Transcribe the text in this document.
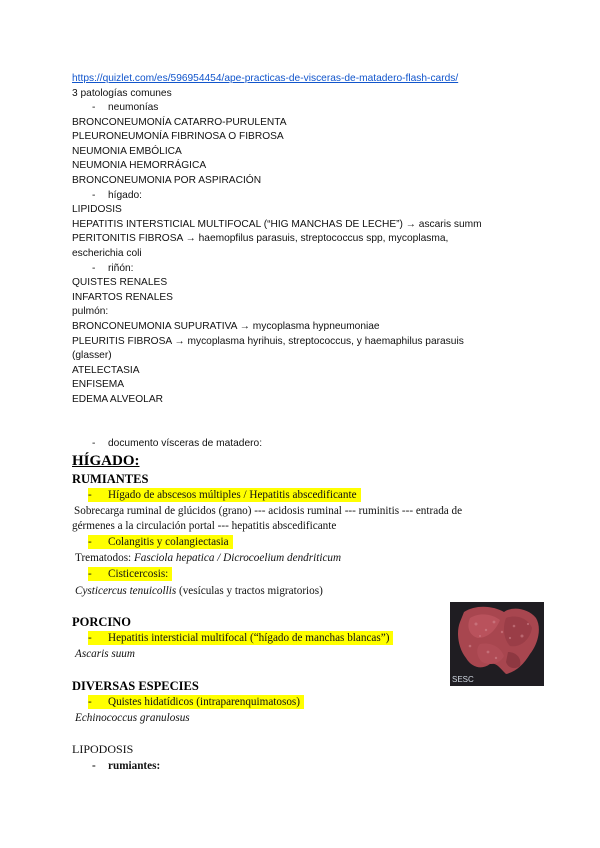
https://quizlet.com/es/596954454/ape-practicas-de-visceras-de-matadero-flash-cards/
3 patologías comunes
- neumonías
BRONCONEUMONÍA CATARRO-PURULENTA
PLEURONEUMONÍA FIBRINOSA O FIBROSA
NEUMONIA EMBÓLICA
NEUMONIA HEMORRÁGICA
BRONCONEUMONIA POR ASPIRACIÓN
- hígado:
LIPIDOSIS
HEPATITIS INTERSTICIAL MULTIFOCAL (“HIG MANCHAS DE LECHE”) → ascaris summ
PERITONITIS FIBROSA → haemopfilus parasuis, streptococcus spp, mycoplasma,
escherichia coli
- riñón:
QUISTES RENALES
INFARTOS RENALES
pulmón:
BRONCONEUMONIA SUPURATIVA → mycoplasma hypneumoniae
PLEURITIS FIBROSA → mycoplasma hyrihuis, streptococcus, y haemaphilus parasuis
(glasser)
ATELECTASIA
ENFISEMA
EDEMA ALVEOLAR
- documento vísceras de matadero:
HÍGADO:
RUMIANTES
- Hígado de abscesos múltiples / Hepatitis abscedificante
Sobrecarga ruminal de glúcidos (grano) --- acidosis ruminal --- ruminitis --- entrada de
gérmenes a la circulación portal --- hepatitis abscedificante
- Colangitis y colangiectasia
Trematodos: Fasciola hepatica / Dicrocoelium dendriticum
- Cisticercosis:
Cysticercus tenuicollis (vesículas y tractos migratorios)
PORCINO
- Hepatitis intersticial multifocal (“hígado de manchas blancas”)
Ascaris suum
DIVERSAS ESPECIES
- Quistes hidatídicos (intraparenquimatosos)
Echinococcus granulosus
LIPODOSIS
- rumiantes:
SESC
